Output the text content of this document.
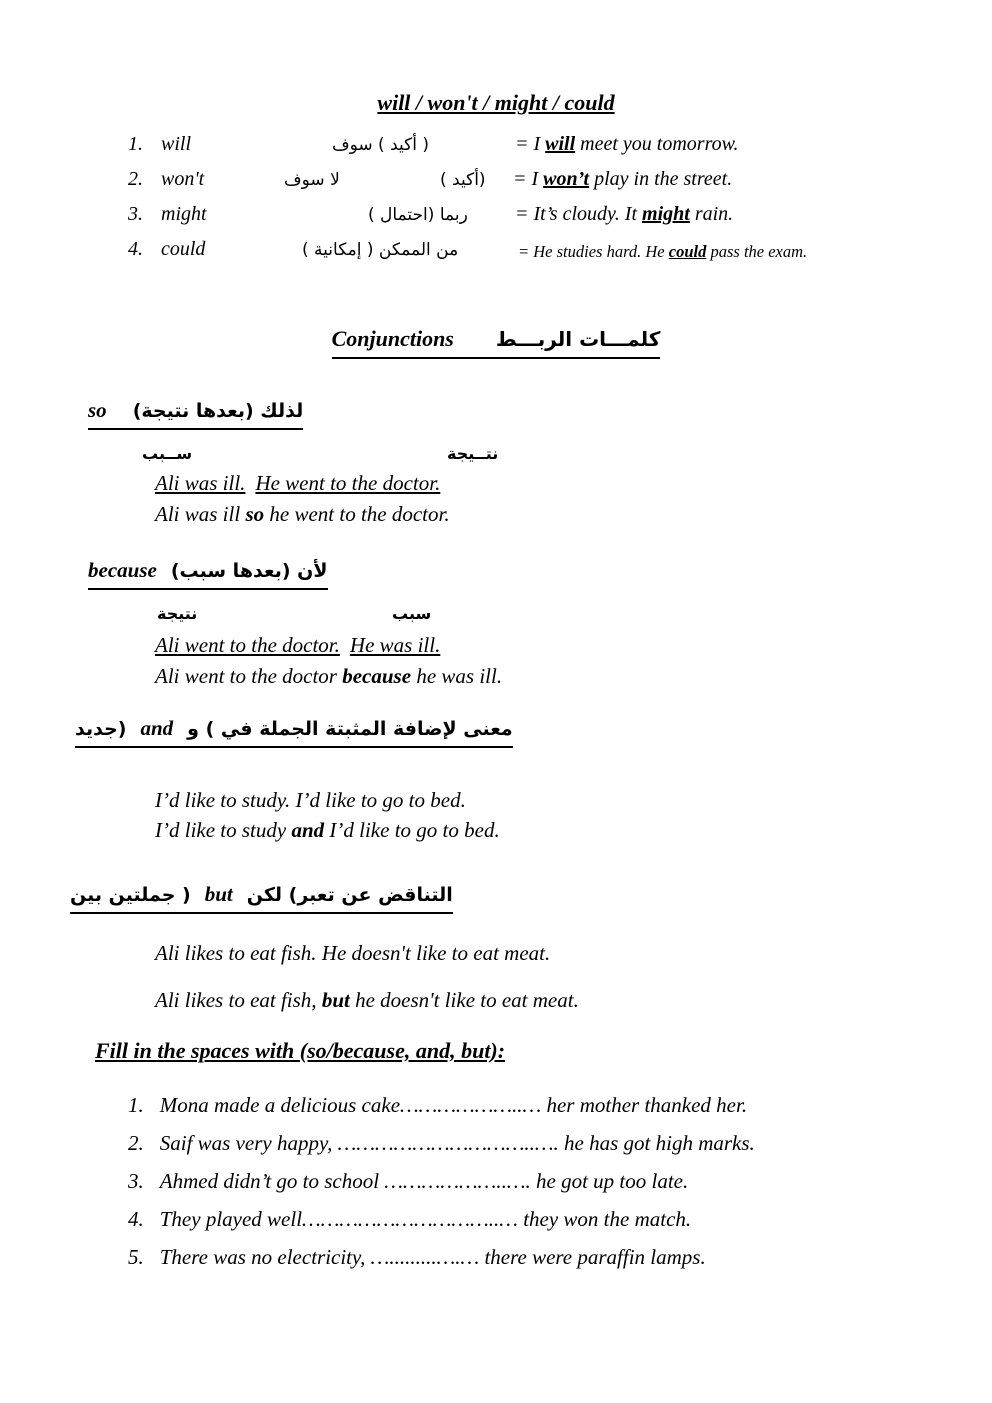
will / won't / might / could
1. will	سوف‎ ( أكيد )	= I will meet you tomorrow.
2. won't	سوف‎ لا	( أكيد) = I won’t play in the street.
3. might	( احتمال‎) ربما = It’s cloudy. It might rain.
4. could	( إمكانية )‎ الممكن‎ من	= He studies hard. He could pass the exam.
Conjunctions كلمـــات الربـــط
so لذلك (بعدها نتيجة)
ســبب	نتــيجة
Ali was ill. He went to the doctor.
Ali was ill so he went to the doctor.
because لأن (بعدها سبب)
نتيجة	سبب
Ali went to the doctor. He was ill.
Ali went to the doctor because he was ill.
جديد) and و‎ (‎ في‎ الجملة‎ المثبتة‎ لإضافة‎ معنى
I’d like to study. I’d like to go to bed.
I’d like to study and I’d like to go to bed.
بين‎ جملتين‎ ) but لكن‎ (تعبر‎ عن‎ التناقض
Ali likes to eat fish. He doesn't like to eat meat.
Ali likes to eat fish, but he doesn't like to eat meat.
Fill in the spaces with (so/because, and, but):
1. Mona made a delicious cake………………..… her mother thanked her.
2. Saif was very happy, …………………………..…. he has got high marks.
3. Ahmed didn’t go to school ………………..…. he got up too late.
4. They played well…………………………..… they won the match.
5. There was no electricity, ….........….… there were paraffin lamps.
